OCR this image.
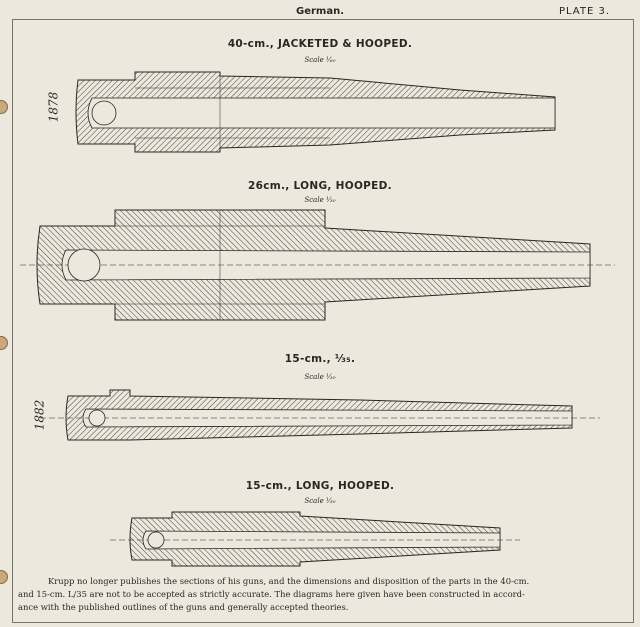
German.	PLATE 3.
40-cm., JACKETED & HOOPED.
Scale ¹⁄₆₀
1878
26cm., LONG, HOOPED.
Scale ¹⁄₃₀
15-cm., ⅓₅.
Scale ¹⁄₃₀
1882
15-cm., LONG, HOOPED.
Scale ¹⁄₃₀
Krupp no longer publishes the sections of his guns, and the dimensions and disposition of the parts in the 40-cm.
and 15-cm. L/35 are not to be accepted as strictly accurate. The diagrams here given have been constructed in accord-
ance with the published outlines of the guns and generally accepted theories.
